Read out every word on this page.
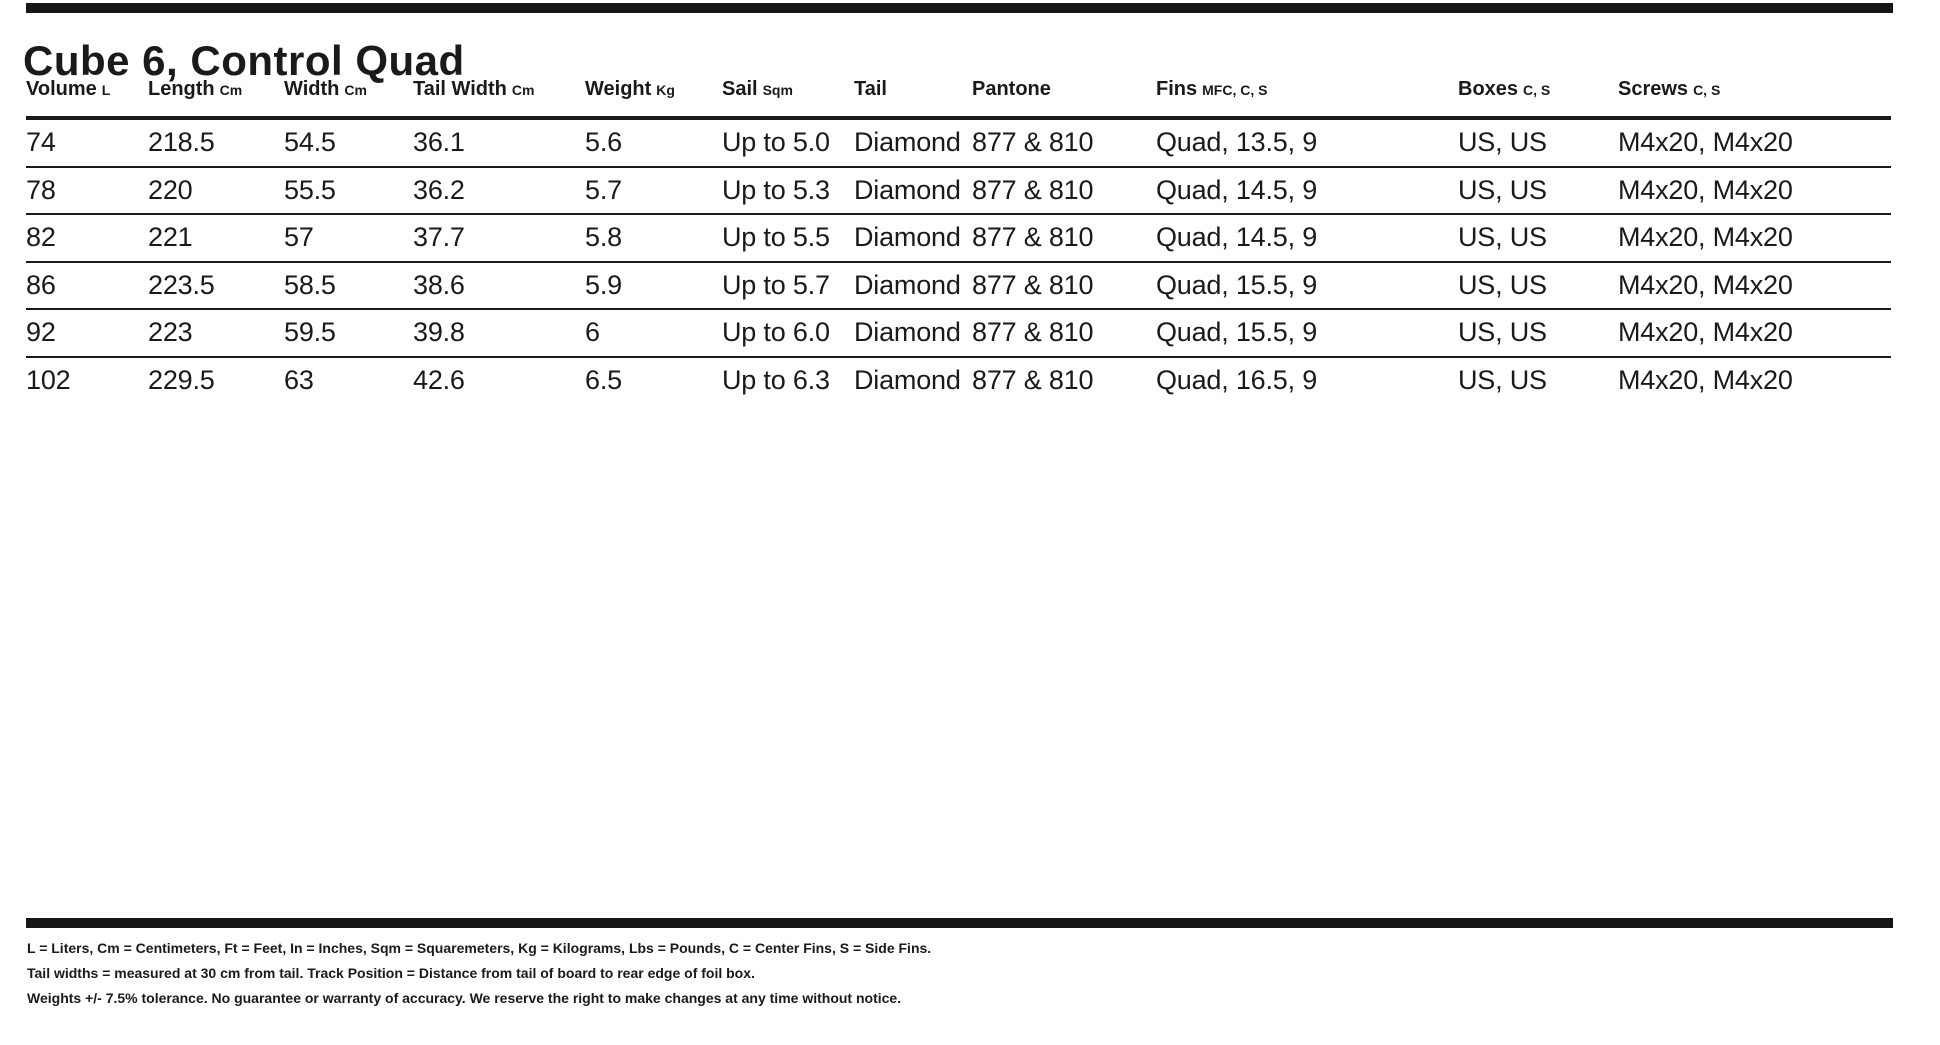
Cube 6, Control Quad
Volume L	Length Cm	Width Cm	Tail Width Cm	Weight Kg	Sail Sqm	Tail	Pantone	Fins MFC, C, S	Boxes C, S	Screws C, S
74	218.5	54.5	36.1	5.6	Up to 5.0	Diamond	877 & 810	Quad, 13.5, 9	US, US	M4x20, M4x20
78	220	55.5	36.2	5.7	Up to 5.3	Diamond	877 & 810	Quad, 14.5, 9	US, US	M4x20, M4x20
82	221	57	37.7	5.8	Up to 5.5	Diamond	877 & 810	Quad, 14.5, 9	US, US	M4x20, M4x20
86	223.5	58.5	38.6	5.9	Up to 5.7	Diamond	877 & 810	Quad, 15.5, 9	US, US	M4x20, M4x20
92	223	59.5	39.8	6	Up to 6.0	Diamond	877 & 810	Quad, 15.5, 9	US, US	M4x20, M4x20
102	229.5	63	42.6	6.5	Up to 6.3	Diamond	877 & 810	Quad, 16.5, 9	US, US	M4x20, M4x20
L = Liters, Cm = Centimeters, Ft = Feet, In = Inches, Sqm = Squaremeters, Kg = Kilograms, Lbs = Pounds, C = Center Fins, S = Side Fins.
Tail widths = measured at 30 cm from tail. Track Position = Distance from tail of board to rear edge of foil box.
Weights +/- 7.5% tolerance. No guarantee or warranty of accuracy. We reserve the right to make changes at any time without notice.
